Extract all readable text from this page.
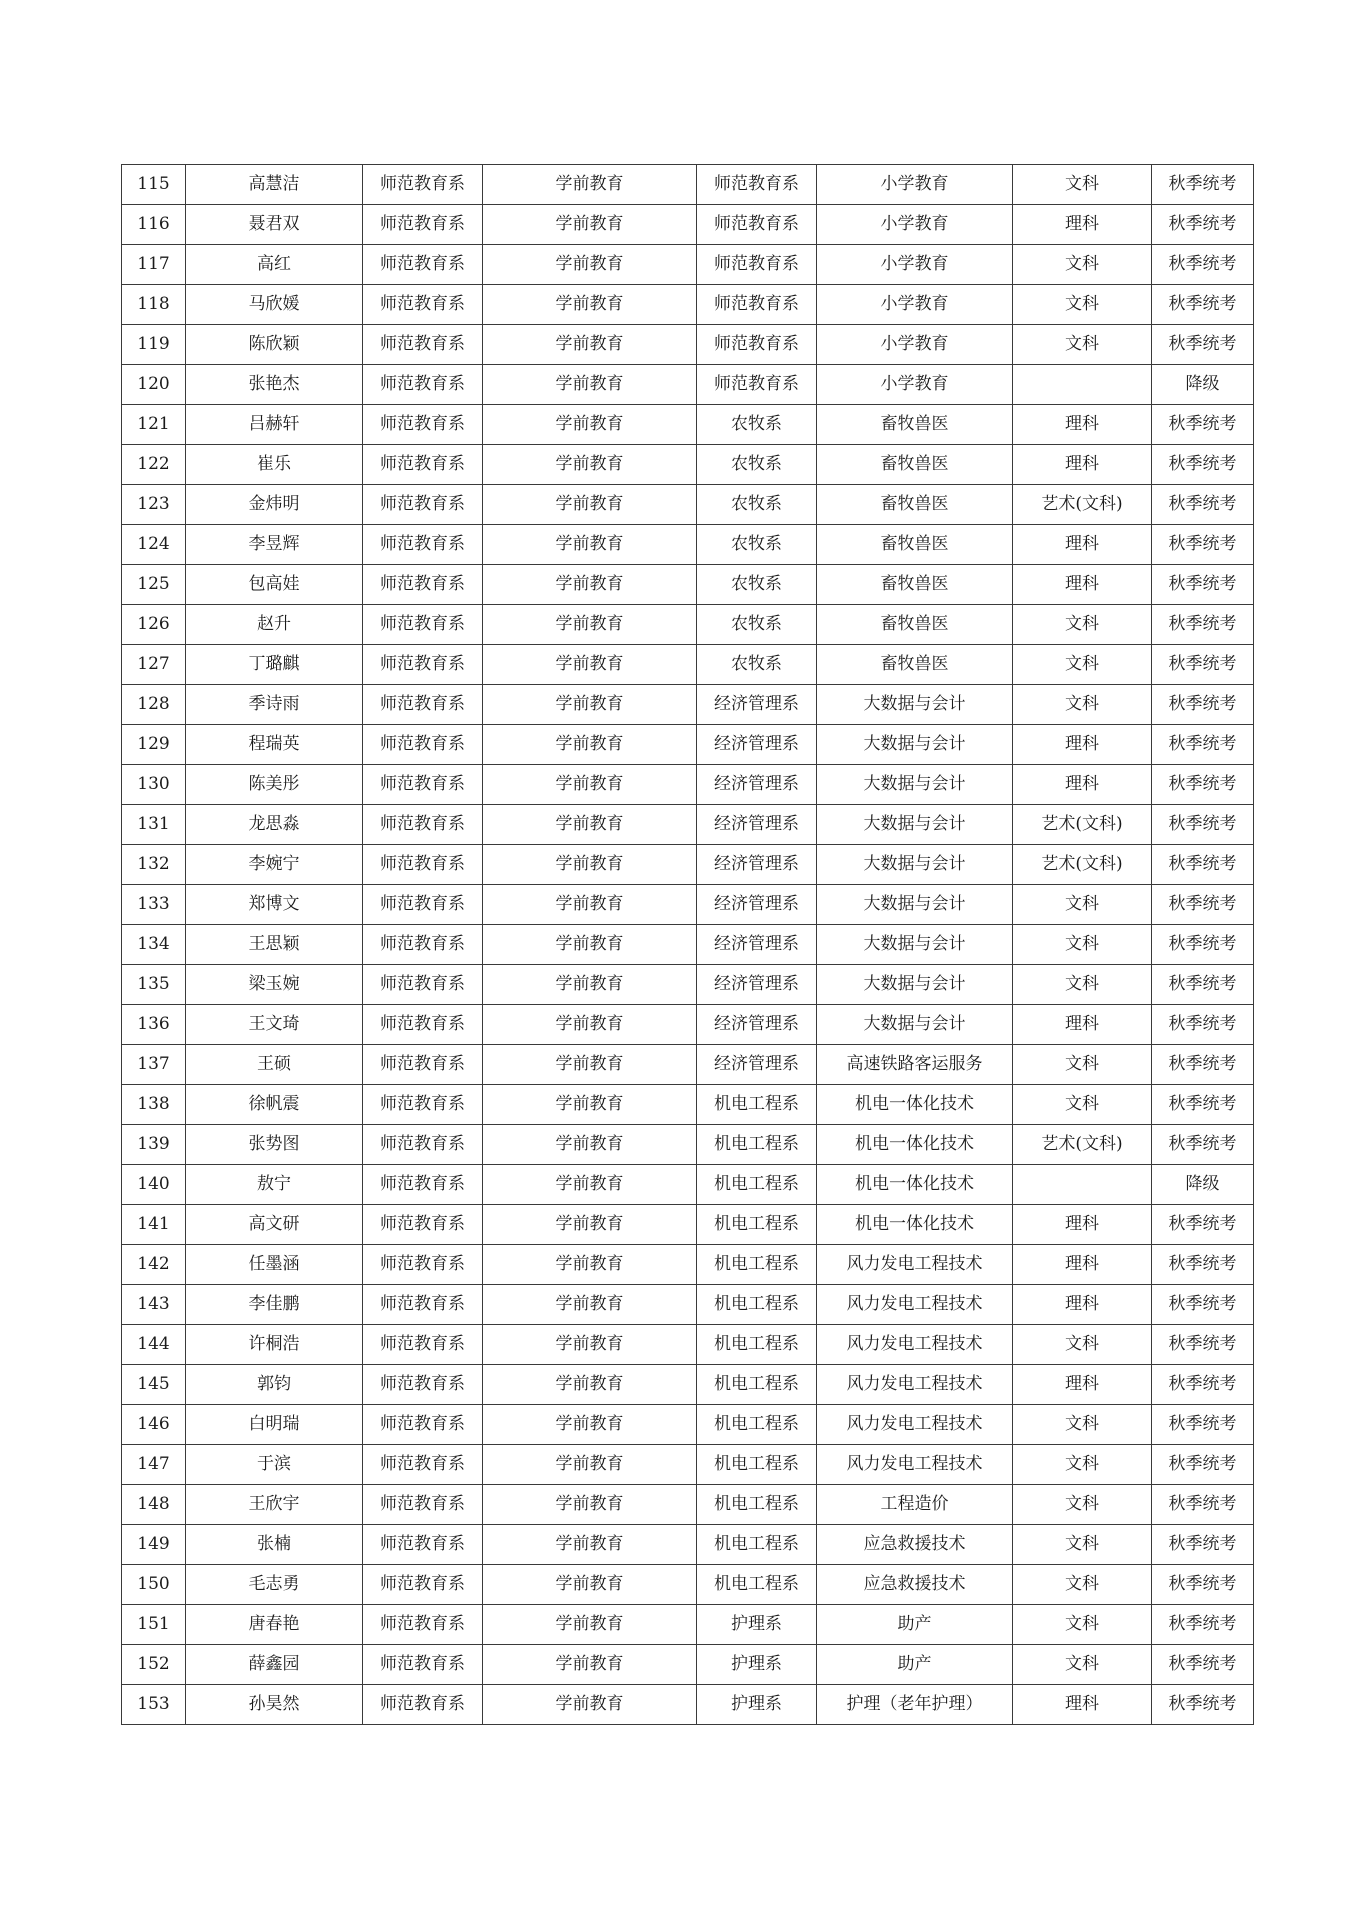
115	高慧洁	师范教育系	学前教育	师范教育系	小学教育	文科	秋季统考
116	聂君双	师范教育系	学前教育	师范教育系	小学教育	理科	秋季统考
117	高红	师范教育系	学前教育	师范教育系	小学教育	文科	秋季统考
118	马欣媛	师范教育系	学前教育	师范教育系	小学教育	文科	秋季统考
119	陈欣颖	师范教育系	学前教育	师范教育系	小学教育	文科	秋季统考
120	张艳杰	师范教育系	学前教育	师范教育系	小学教育		降级
121	吕赫轩	师范教育系	学前教育	农牧系	畜牧兽医	理科	秋季统考
122	崔乐	师范教育系	学前教育	农牧系	畜牧兽医	理科	秋季统考
123	金炜明	师范教育系	学前教育	农牧系	畜牧兽医	艺术(文科)	秋季统考
124	李昱辉	师范教育系	学前教育	农牧系	畜牧兽医	理科	秋季统考
125	包高娃	师范教育系	学前教育	农牧系	畜牧兽医	理科	秋季统考
126	赵升	师范教育系	学前教育	农牧系	畜牧兽医	文科	秋季统考
127	丁璐麒	师范教育系	学前教育	农牧系	畜牧兽医	文科	秋季统考
128	季诗雨	师范教育系	学前教育	经济管理系	大数据与会计	文科	秋季统考
129	程瑞英	师范教育系	学前教育	经济管理系	大数据与会计	理科	秋季统考
130	陈美彤	师范教育系	学前教育	经济管理系	大数据与会计	理科	秋季统考
131	龙思淼	师范教育系	学前教育	经济管理系	大数据与会计	艺术(文科)	秋季统考
132	李婉宁	师范教育系	学前教育	经济管理系	大数据与会计	艺术(文科)	秋季统考
133	郑博文	师范教育系	学前教育	经济管理系	大数据与会计	文科	秋季统考
134	王思颖	师范教育系	学前教育	经济管理系	大数据与会计	文科	秋季统考
135	梁玉婉	师范教育系	学前教育	经济管理系	大数据与会计	文科	秋季统考
136	王文琦	师范教育系	学前教育	经济管理系	大数据与会计	理科	秋季统考
137	王硕	师范教育系	学前教育	经济管理系	高速铁路客运服务	文科	秋季统考
138	徐帆震	师范教育系	学前教育	机电工程系	机电一体化技术	文科	秋季统考
139	张势图	师范教育系	学前教育	机电工程系	机电一体化技术	艺术(文科)	秋季统考
140	敖宁	师范教育系	学前教育	机电工程系	机电一体化技术		降级
141	高文研	师范教育系	学前教育	机电工程系	机电一体化技术	理科	秋季统考
142	任墨涵	师范教育系	学前教育	机电工程系	风力发电工程技术	理科	秋季统考
143	李佳鹏	师范教育系	学前教育	机电工程系	风力发电工程技术	理科	秋季统考
144	许桐浩	师范教育系	学前教育	机电工程系	风力发电工程技术	文科	秋季统考
145	郭钧	师范教育系	学前教育	机电工程系	风力发电工程技术	理科	秋季统考
146	白明瑞	师范教育系	学前教育	机电工程系	风力发电工程技术	文科	秋季统考
147	于滨	师范教育系	学前教育	机电工程系	风力发电工程技术	文科	秋季统考
148	王欣宇	师范教育系	学前教育	机电工程系	工程造价	文科	秋季统考
149	张楠	师范教育系	学前教育	机电工程系	应急救援技术	文科	秋季统考
150	毛志勇	师范教育系	学前教育	机电工程系	应急救援技术	文科	秋季统考
151	唐春艳	师范教育系	学前教育	护理系	助产	文科	秋季统考
152	薛鑫园	师范教育系	学前教育	护理系	助产	文科	秋季统考
153	孙昊然	师范教育系	学前教育	护理系	护理（老年护理）	理科	秋季统考
